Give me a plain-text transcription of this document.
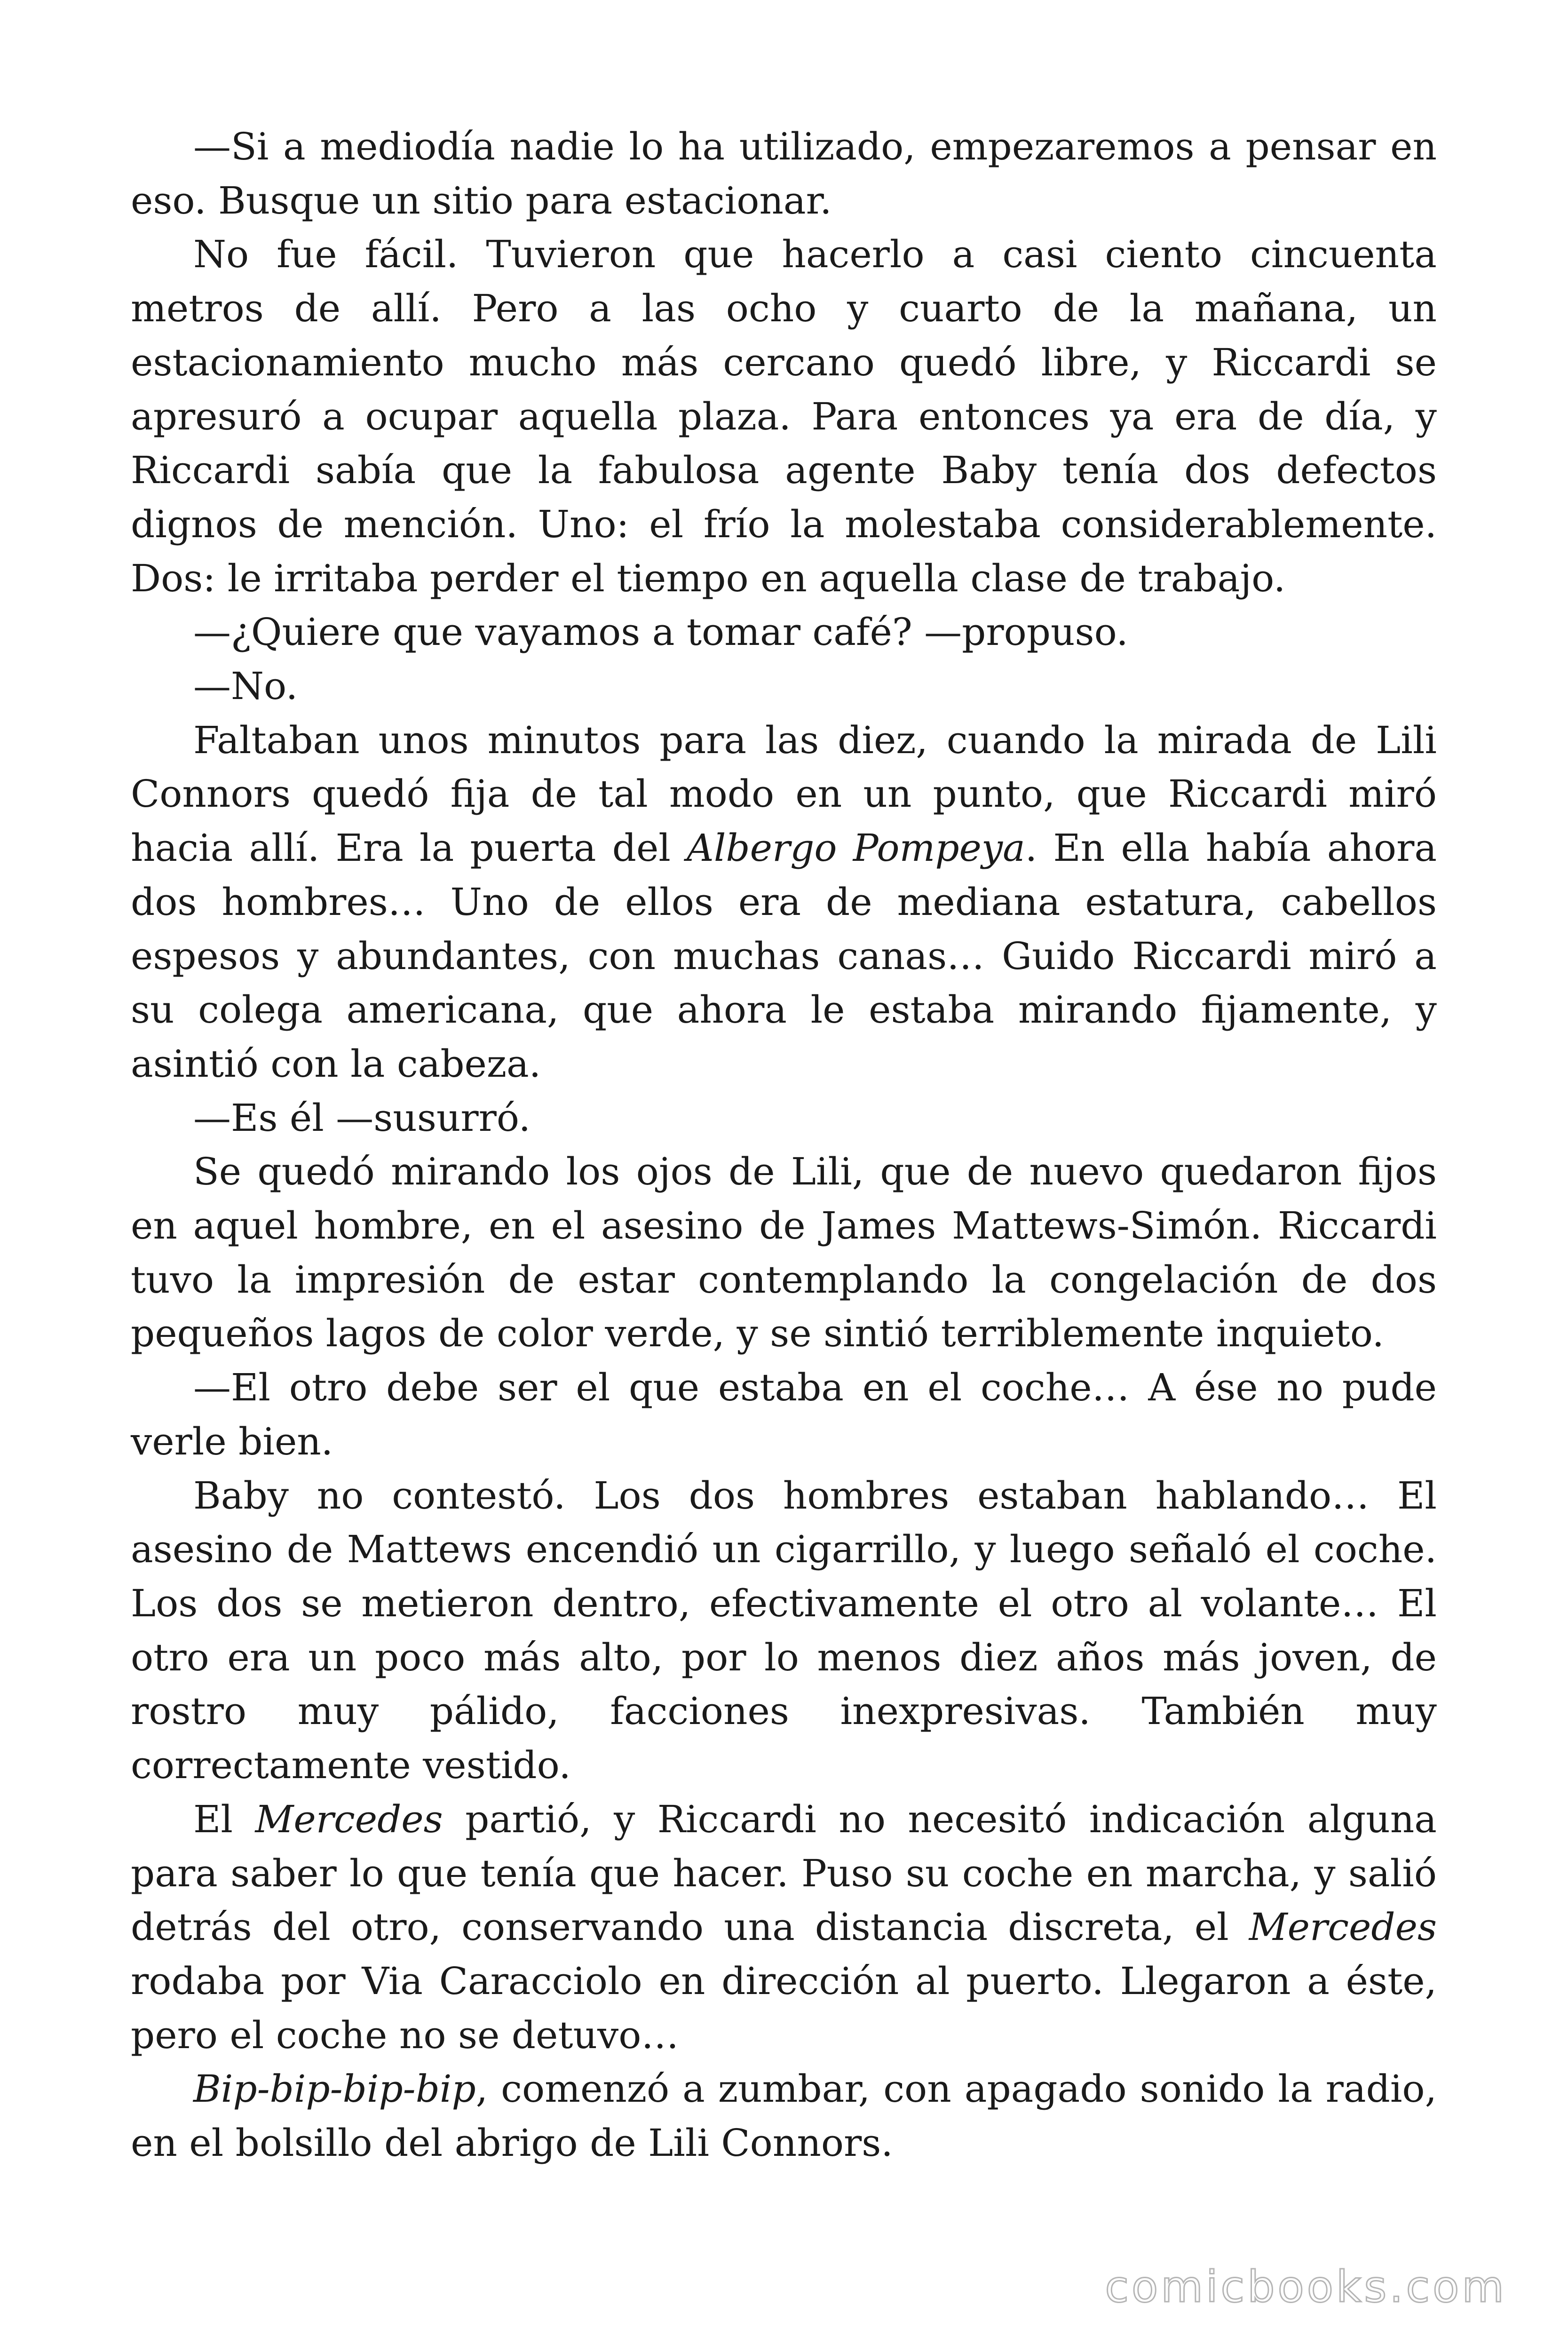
—Si a mediodía nadie lo ha utilizado, empezaremos a pensar en eso. Busque un sitio para estacionar.

No fue fácil. Tuvieron que hacerlo a casi ciento cincuenta metros de allí. Pero a las ocho y cuarto de la mañana, un estacionamiento mucho más cercano quedó libre, y Riccardi se apresuró a ocupar aquella plaza. Para entonces ya era de día, y Riccardi sabía que la fabulosa agente Baby tenía dos defectos dignos de mención. Uno: el frío la molestaba considerablemente. Dos: le irritaba perder el tiempo en aquella clase de trabajo.

—¿Quiere que vayamos a tomar café? —propuso.

—No.

Faltaban unos minutos para las diez, cuando la mirada de Lili Connors quedó fija de tal modo en un punto, que Riccardi miró hacia allí. Era la puerta del Albergo Pompeya. En ella había ahora dos hombres… Uno de ellos era de mediana estatura, cabellos espesos y abundantes, con muchas canas… Guido Riccardi miró a su colega americana, que ahora le estaba mirando fijamente, y asintió con la cabeza.

—Es él —susurró.

Se quedó mirando los ojos de Lili, que de nuevo quedaron fijos en aquel hombre, en el asesino de James Mattews-Simón. Riccardi tuvo la impresión de estar contemplando la congelación de dos pequeños lagos de color verde, y se sintió terriblemente inquieto.

—El otro debe ser el que estaba en el coche… A ése no pude verle bien.

Baby no contestó. Los dos hombres estaban hablando… El asesino de Mattews encendió un cigarrillo, y luego señaló el coche. Los dos se metieron dentro, efectivamente el otro al volante… El otro era un poco más alto, por lo menos diez años más joven, de rostro muy pálido, facciones inexpresivas. También muy correctamente vestido.

El Mercedes partió, y Riccardi no necesitó indicación alguna para saber lo que tenía que hacer. Puso su coche en marcha, y salió detrás del otro, conservando una distancia discreta, el Mercedes rodaba por Via Caracciolo en dirección al puerto. Llegaron a éste, pero el coche no se detuvo…

Bip-bip-bip-bip, comenzó a zumbar, con apagado sonido la radio, en el bolsillo del abrigo de Lili Connors.

comicbooks.com
